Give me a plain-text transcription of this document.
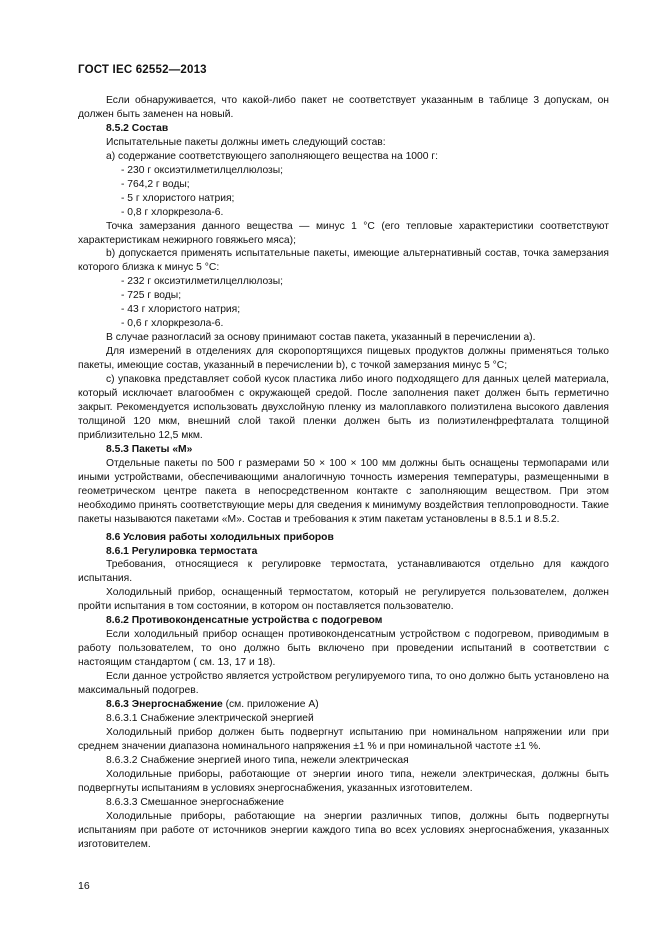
ГОСТ IEC 62552—2013

Если обнаруживается, что какой-либо пакет не соответствует указанным в таблице 3 допускам, он должен быть заменен на новый.

8.5.2 Состав

Испытательные пакеты должны иметь следующий состав:

a) содержание соответствующего заполняющего вещества на 1000 г:

- 230 г оксиэтилметилцеллюлозы;

- 764,2 г воды;

- 5 г хлористого натрия;

- 0,8 г хлоркрезола-6.

Точка замерзания данного вещества — минус 1 °С (его тепловые характеристики соответствуют характеристикам нежирного говяжьего мяса);

b) допускается применять испытательные пакеты, имеющие альтернативный состав, точка замерзания которого близка к минус 5 °С:

- 232 г оксиэтилметилцеллюлозы;

- 725 г воды;

- 43 г хлористого натрия;

- 0,6 г хлоркрезола-6.

В случае разногласий за основу принимают состав пакета, указанный в перечислении а).

Для измерений в отделениях для скоропортящихся пищевых продуктов должны применяться только пакеты, имеющие состав, указанный в перечислении b), с точкой замерзания минус 5 °С;

c) упаковка представляет собой кусок пластика либо иного подходящего для данных целей материала, который исключает влагообмен с окружающей средой. После заполнения пакет должен быть герметично закрыт. Рекомендуется использовать двухслойную пленку из малоплавкого полиэтилена высокого давления толщиной 120 мкм, внешний слой такой пленки должен быть из полиэтиленфрефталата толщиной приблизительно 12,5 мкм.

8.5.3 Пакеты «М»

Отдельные пакеты по 500 г размерами 50 × 100 × 100 мм должны быть оснащены термопарами или иными устройствами, обеспечивающими аналогичную точность измерения температуры, размещенными в геометрическом центре пакета в непосредственном контакте с заполняющим веществом. При этом необходимо принять соответствующие меры для сведения к минимуму воздействия теплопроводности. Такие пакеты называются пакетами «М». Состав и требования к этим пакетам установлены в 8.5.1 и 8.5.2.

8.6 Условия работы холодильных приборов

8.6.1 Регулировка термостата

Требования, относящиеся к регулировке термостата, устанавливаются отдельно для каждого испытания.

Холодильный прибор, оснащенный термостатом, который не регулируется пользователем, должен пройти испытания в том состоянии, в котором он поставляется пользователю.

8.6.2 Противоконденсатные устройства с подогревом

Если холодильный прибор оснащен противоконденсатным устройством с подогревом, приводимым в работу пользователем, то оно должно быть включено при проведении испытаний в соответствии с настоящим стандартом ( см. 13, 17 и 18).

Если данное устройство является устройством регулируемого типа, то оно должно быть установлено на максимальный подогрев.

8.6.3 Энергоснабжение (см. приложение А)

8.6.3.1 Снабжение электрической энергией

Холодильный прибор должен быть подвергнут испытанию при номинальном напряжении или при среднем значении диапазона номинального напряжения ±1 % и при номинальной частоте ±1 %.

8.6.3.2 Снабжение энергией иного типа, нежели электрическая

Холодильные приборы, работающие от энергии иного типа, нежели электрическая, должны быть подвергнуты испытаниям в условиях энергоснабжения, указанных изготовителем.

8.6.3.3 Смешанное энергоснабжение

Холодильные приборы, работающие на энергии различных типов, должны быть подвергнуты испытаниям при работе от источников энергии каждого типа во всех условиях энергоснабжения, указанных изготовителем.

16
